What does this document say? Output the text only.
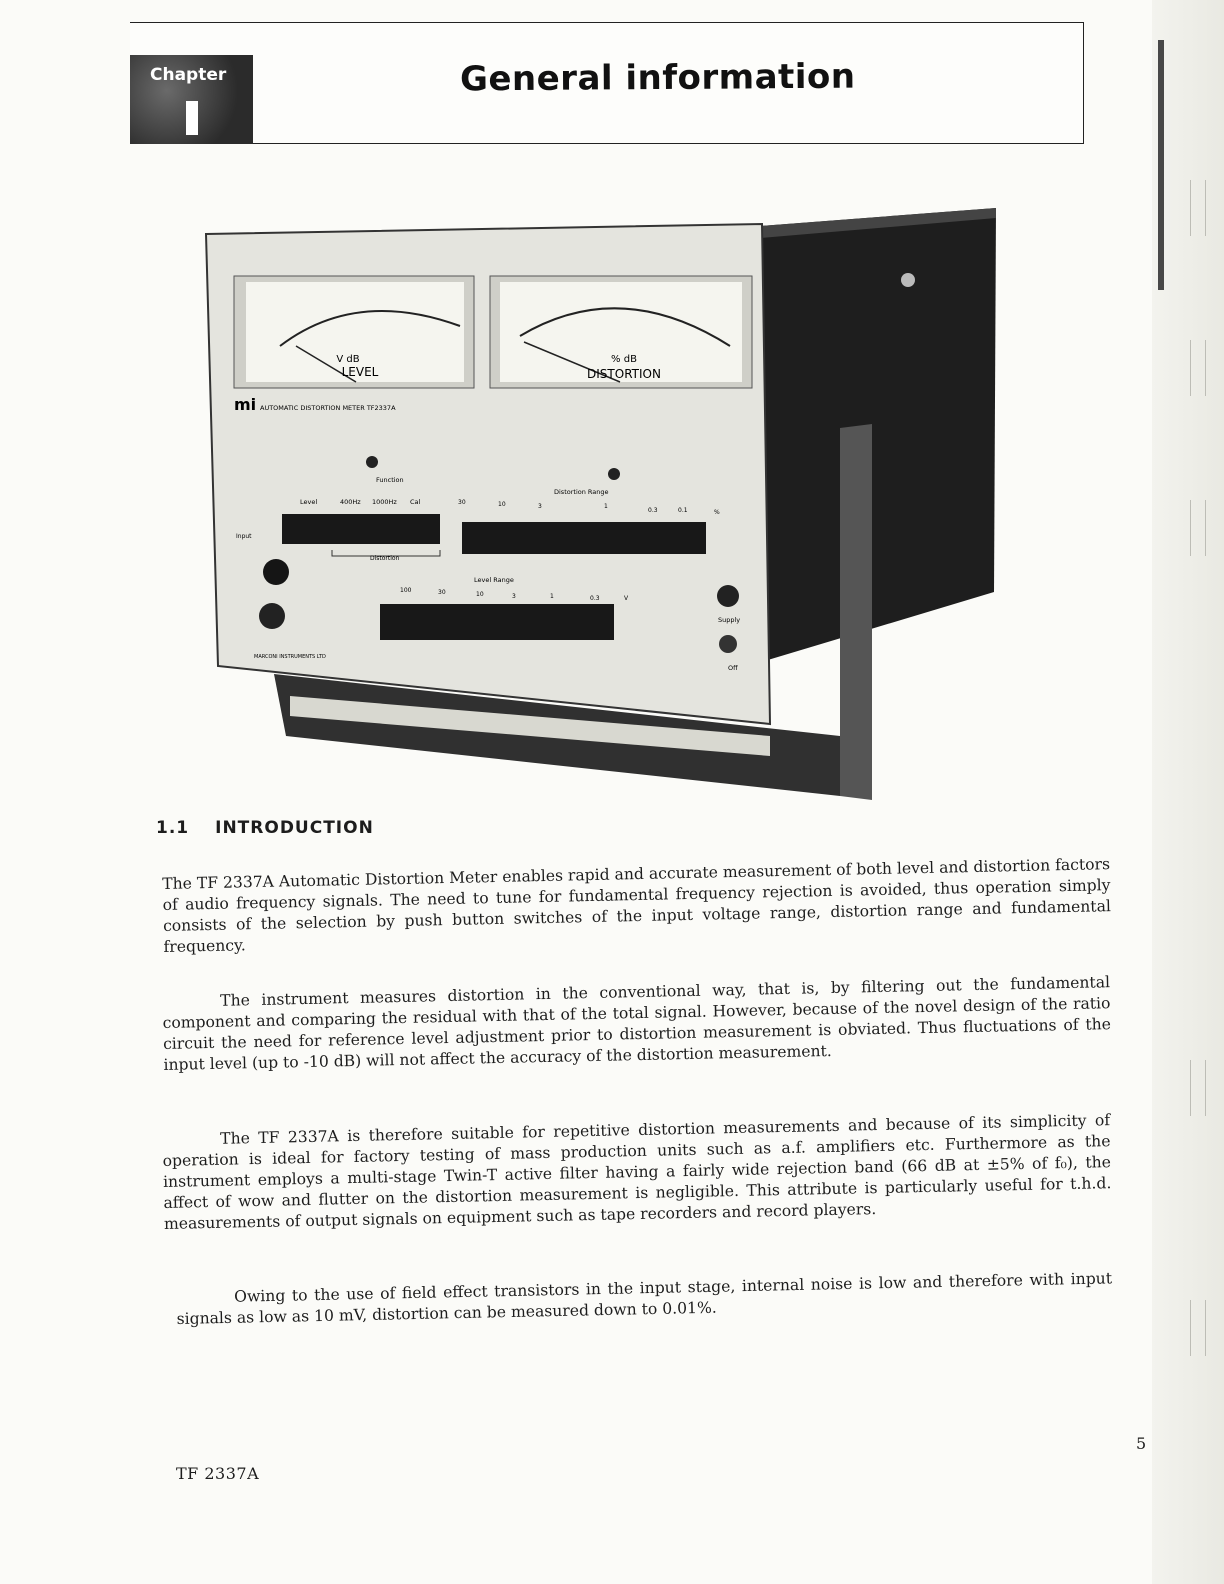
Chapter	General information
V dB
LEVEL
% dB
DISTORTION
mi AUTOMATIC DISTORTION METER TF2337A
Function
Level	400Hz 1000Hz Cal
Input
Distortion
Distortion Range
30	10	3	1
0.3	0.1	%
Level Range
100	30	10	3	1	0.3	V
Supply
Off
MARCONI INSTRUMENTS LTD
1.1 INTRODUCTION

The TF 2337A Automatic Distortion Meter enables rapid and accurate measurement of both level and distortion factors of audio frequency signals. The need to tune for fundamental frequency rejection is avoided, thus operation simply consists of the selection by push button switches of the input voltage range, distortion range and fundamental frequency.

The instrument measures distortion in the conventional way, that is, by filtering out the fundamental component and comparing the residual with that of the total signal. However, because of the novel design of the ratio circuit the need for reference level adjustment prior to distortion measurement is obviated. Thus fluctuations of the input level (up to -10 dB) will not affect the accuracy of the distortion measurement.

The TF 2337A is therefore suitable for repetitive distortion measurements and because of its simplicity of operation is ideal for factory testing of mass production units such as a.f. amplifiers etc. Furthermore as the instrument employs a multi-stage Twin-T active filter having a fairly wide rejection band (66 dB at ±5% of f₀), the affect of wow and flutter on the distortion measurement is negligible. This attribute is particularly useful for t.h.d. measurements of output signals on equipment such as tape recorders and record players.

Owing to the use of field effect transistors in the input stage, internal noise is low and therefore with input signals as low as 10 mV, distortion can be measured down to 0.01%.

5
TF 2337A
